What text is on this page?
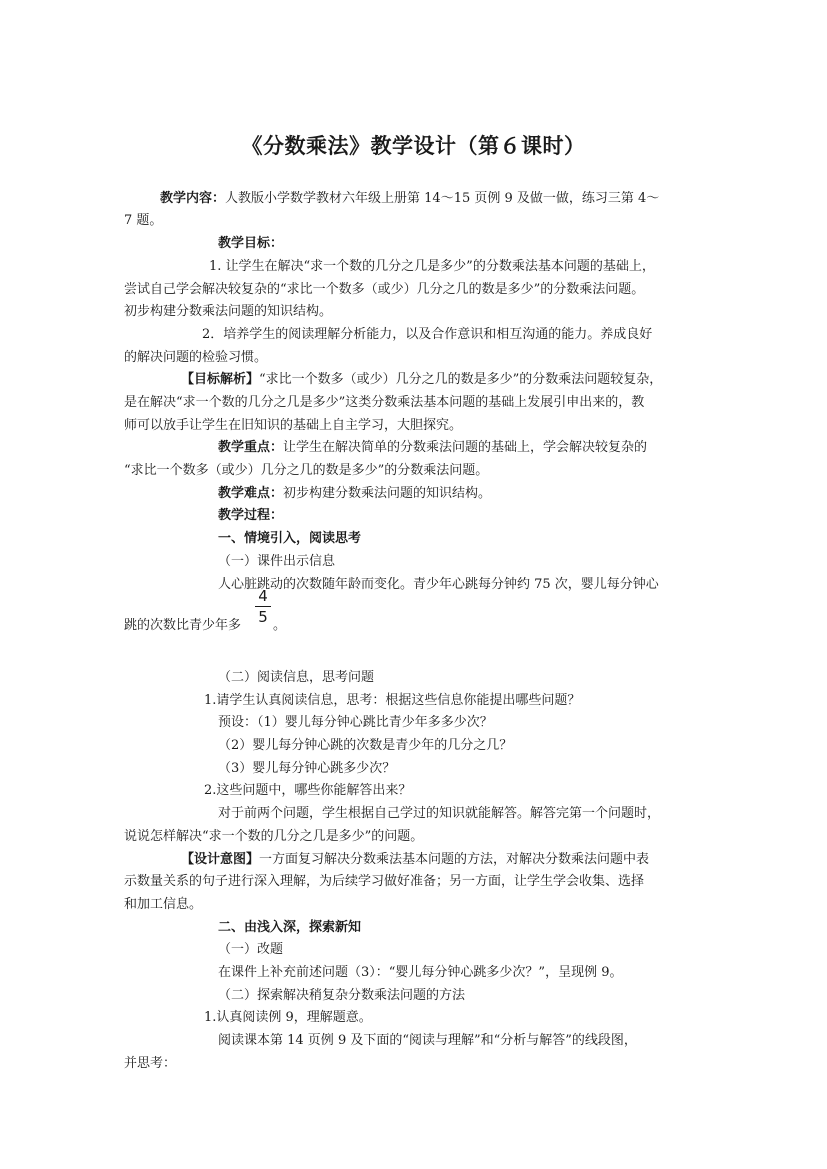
《分数乘法》教学设计（第６课时）
教学内容：人教版小学数学教材六年级上册第 14～15 页例 9 及做一做，练习三第 4～
7 题。
教学目标：
1. 让学生在解决“求一个数的几分之几是多少”的分数乘法基本问题的基础上，
尝试自己学会解决较复杂的“求比一个数多（或少）几分之几的数是多少”的分数乘法问题。
初步构建分数乘法问题的知识结构。
2．培养学生的阅读理解分析能力，以及合作意识和相互沟通的能力。养成良好
的解决问题的检验习惯。
【目标解析】“求比一个数多（或少）几分之几的数是多少”的分数乘法问题较复杂，
是在解决“求一个数的几分之几是多少”这类分数乘法基本问题的基础上发展引申出来的，教
师可以放手让学生在旧知识的基础上自主学习，大胆探究。
教学重点：让学生在解决简单的分数乘法问题的基础上，学会解决较复杂的
“求比一个数多（或少）几分之几的数是多少”的分数乘法问题。
教学难点：初步构建分数乘法问题的知识结构。
教学过程：
一、情境引入，阅读思考
（一）课件出示信息
人心脏跳动的次数随年龄而变化。青少年心跳每分钟约 75 次，婴儿每分钟心
跳的次数比青少年多
4
5 。
（二）阅读信息，思考问题
1.请学生认真阅读信息，思考：根据这些信息你能提出哪些问题？
预设：（1）婴儿每分钟心跳比青少年多多少次？
（2）婴儿每分钟心跳的次数是青少年的几分之几？
（3）婴儿每分钟心跳多少次？
2.这些问题中，哪些你能解答出来？
对于前两个问题，学生根据自己学过的知识就能解答。解答完第一个问题时，
说说怎样解决“求一个数的几分之几是多少”的问题。
【设计意图】一方面复习解决分数乘法基本问题的方法，对解决分数乘法问题中表
示数量关系的句子进行深入理解，为后续学习做好准备；另一方面，让学生学会收集、选择
和加工信息。
二、由浅入深，探索新知
（一）改题
在课件上补充前述问题（3）：“婴儿每分钟心跳多少次？”，呈现例 9。
（二）探索解决稍复杂分数乘法问题的方法
1.认真阅读例 9，理解题意。
阅读课本第 14 页例 9 及下面的“阅读与理解”和“分析与解答”的线段图，
并思考：
